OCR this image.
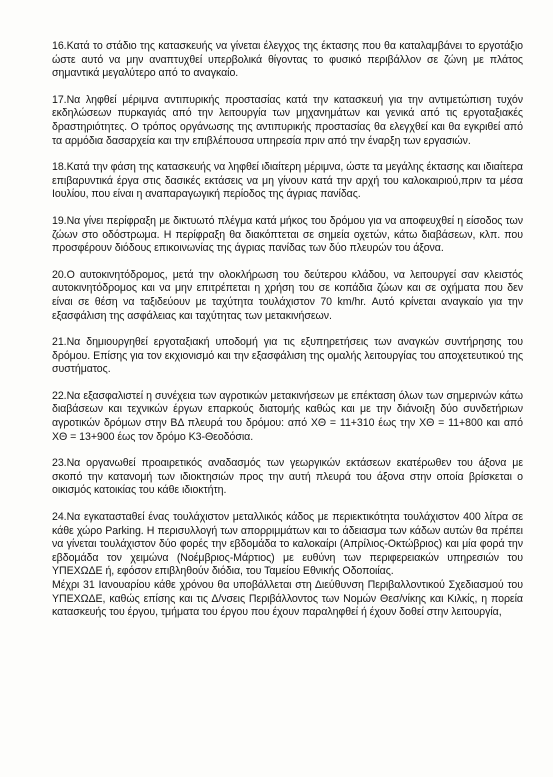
16.Κατά το στάδιο της κατασκευής να γίνεται έλεγχος της έκτασης που θα καταλαμβάνει το εργοτάξιο ώστε αυτό να μην αναπτυχθεί υπερβολικά θίγοντας το φυσικό περιβάλλον σε ζώνη με πλάτος σημαντικά μεγαλύτερο από το αναγκαίο.
17.Να ληφθεί μέριμνα αντιπυρικής προστασίας κατά την κατασκευή για την αντιμετώπιση τυχόν εκδηλώσεων πυρκαγιάς από την λειτουργία των μηχανημάτων και γενικά από τις εργοταξιακές δραστηριότητες. Ο τρόπος οργάνωσης της αντιπυρικής προστασίας θα ελεγχθεί και θα εγκριθεί από τα αρμόδια δασαρχεία και την επιβλέπουσα υπηρεσία πριν από την έναρξη των εργασιών.
18.Κατά την φάση της κατασκευής να ληφθεί ιδιαίτερη μέριμνα, ώστε τα μεγάλης έκτασης και ιδιαίτερα επιβαρυντικά έργα στις δασικές εκτάσεις να μη γίνουν κατά την αρχή του καλοκαιριού,πριν τα μέσα Ιουλίου, που είναι η αναπαραγωγική περίοδος της άγριας πανίδας.
19.Να γίνει περίφραξη με δικτυωτό πλέγμα κατά μήκος του δρόμου για να αποφευχθεί η είσοδος των ζώων στο οδόστρωμα. Η περίφραξη θα διακόπτεται σε σημεία οχετών, κάτω διαβάσεων, κλπ. που προσφέρουν διόδους επικοινωνίας της άγριας πανίδας των δύο πλευρών του άξονα.
20.Ο αυτοκινητόδρομος, μετά την ολοκλήρωση του δεύτερου κλάδου, να λειτουργεί σαν κλειστός αυτοκινητόδρομος και να μην επιτρέπεται η χρήση του σε κοπάδια ζώων και σε οχήματα που δεν είναι σε θέση να ταξιδεύουν με ταχύτητα τουλάχιστον 70 km/hr. Αυτό κρίνεται αναγκαίο για την εξασφάλιση της ασφάλειας και ταχύτητας των μετακινήσεων.
21.Να δημιουργηθεί εργοταξιακή υποδομή για τις εξυπηρετήσεις των αναγκών συντήρησης του δρόμου. Επίσης για τον εκχιονισμό και την εξασφάλιση της ομαλής λειτουργίας του αποχετευτικού της συστήματος.
22.Να εξασφαλιστεί η συνέχεια των αγροτικών μετακινήσεων με επέκταση όλων των σημερινών κάτω διαβάσεων και τεχνικών έργων επαρκούς διατομής καθώς και με την διάνοιξη δύο συνδετήριων αγροτικών δρόμων στην ΒΔ πλευρά του δρόμου: από ΧΘ = 11+310 έως την ΧΘ = 11+800 και από ΧΘ = 13+900 έως τον δρόμο Κ3-Θεοδόσια.
23.Να οργανωθεί προαιρετικός αναδασμός των γεωργικών εκτάσεων εκατέρωθεν του άξονα με σκοπό την κατανομή των ιδιοκτησιών προς την αυτή πλευρά του άξονα στην οποία βρίσκεται ο οικισμός κατοικίας του κάθε ιδιοκτήτη.
24.Να εγκατασταθεί ένας τουλάχιστον μεταλλικός κάδος με περιεκτικότητα τουλάχιστον 400 λίτρα σε κάθε χώρο Parking. Η περισυλλογή των απορριμμάτων και το άδειασμα των κάδων αυτών θα πρέπει να γίνεται τουλάχιστον δύο φορές την εβδομάδα το καλοκαίρι (Απρίλιος-Οκτώβριος) και μία φορά την εβδομάδα τον χειμώνα (Νοέμβριος-Μάρτιος) με ευθύνη των περιφερειακών υπηρεσιών του ΥΠΕΧΩΔΕ ή, εφόσον επιβληθούν διόδια, του Ταμείου Εθνικής Οδοποιίας.
Μέχρι 31 Ιανουαρίου κάθε χρόνου θα υποβάλλεται στη Διεύθυνση Περιβαλλοντικού Σχεδιασμού του ΥΠΕΧΩΔΕ, καθώς επίσης και τις Δ/νσεις Περιβάλλοντος των Νομών Θεσ/νίκης και Κιλκίς, η πορεία κατασκευής του έργου, τμήματα του έργου που έχουν παραληφθεί ή έχουν δοθεί στην λειτουργία,
